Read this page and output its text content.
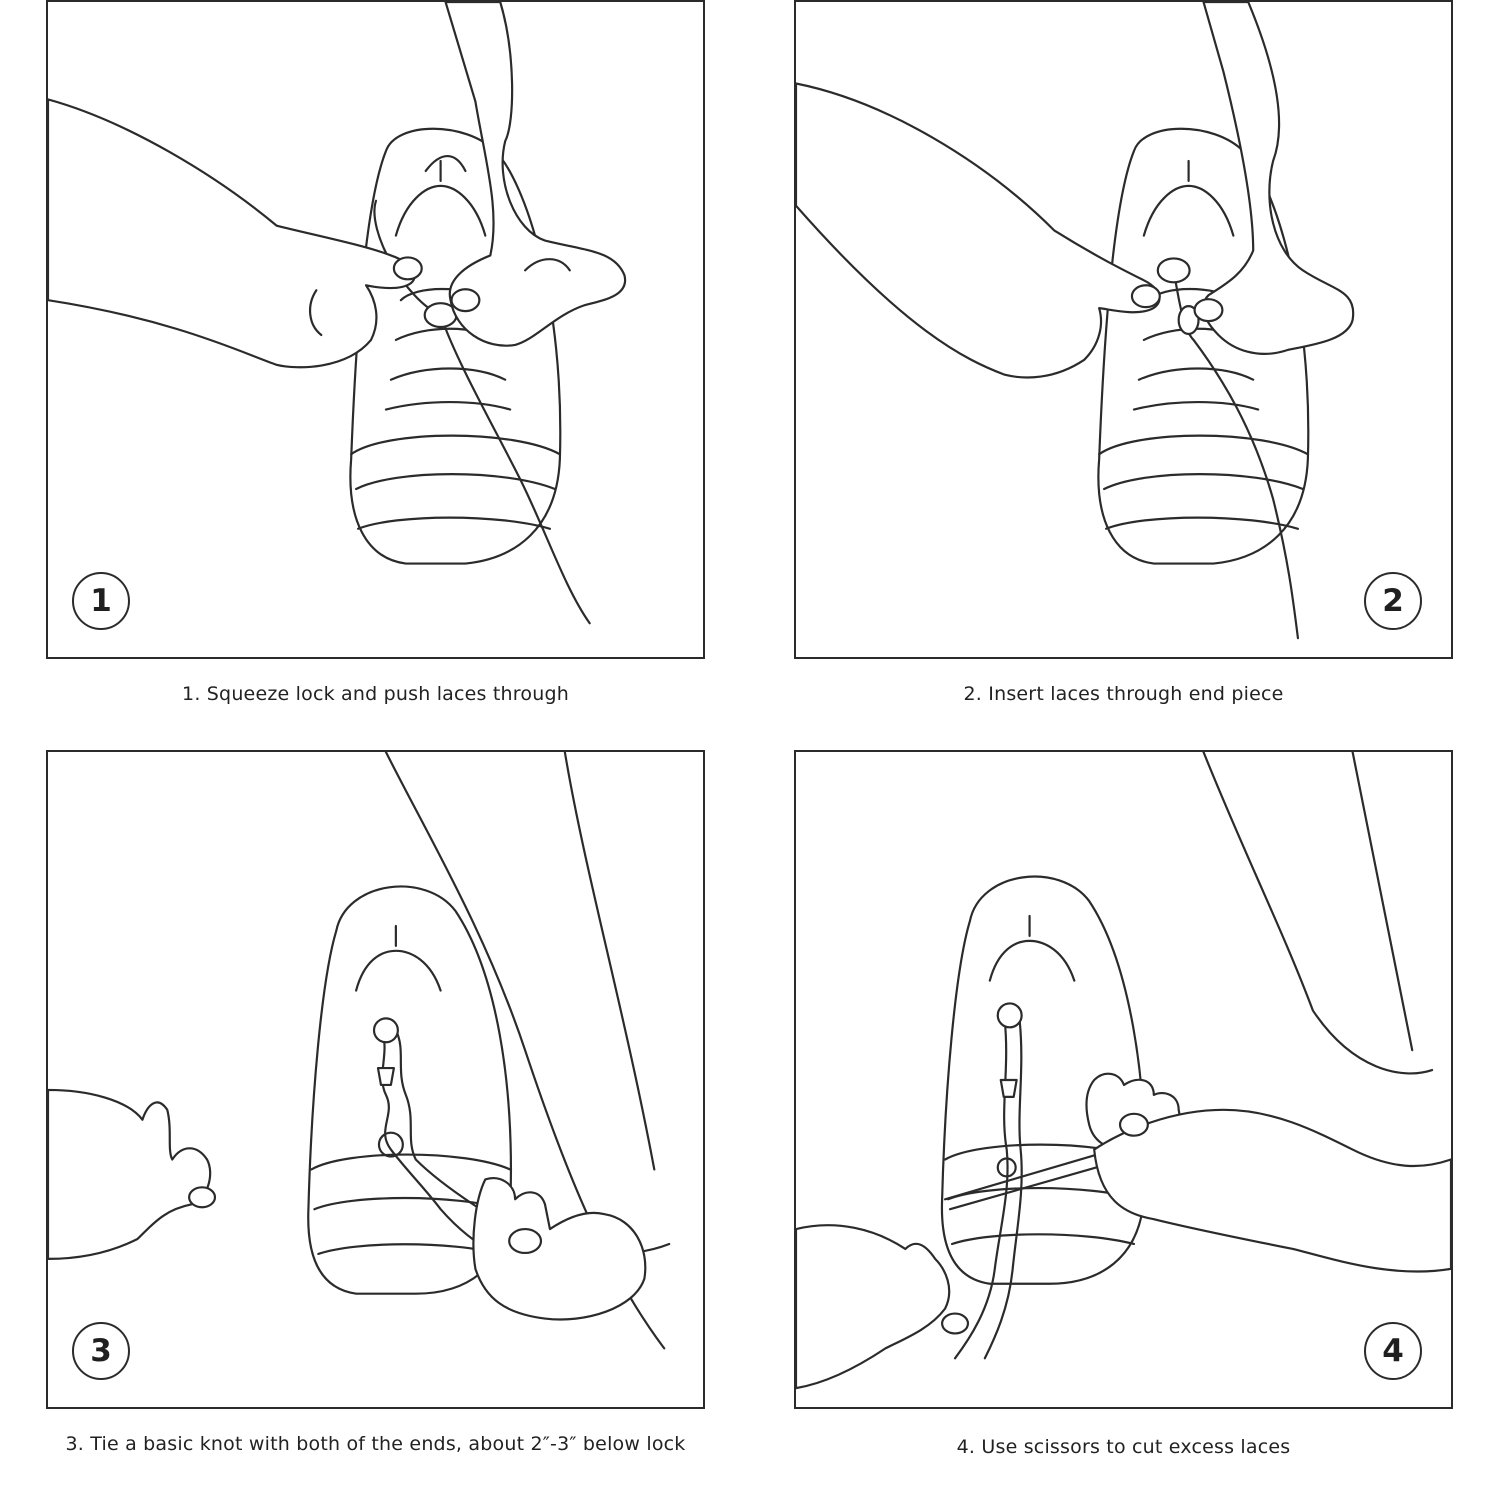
1
1. Squeeze lock and push laces through
2
2. Insert laces through end piece
3
3. Tie a basic knot with both of the ends, about 2″-3″ below lock
4
4. Use scissors to cut excess laces
